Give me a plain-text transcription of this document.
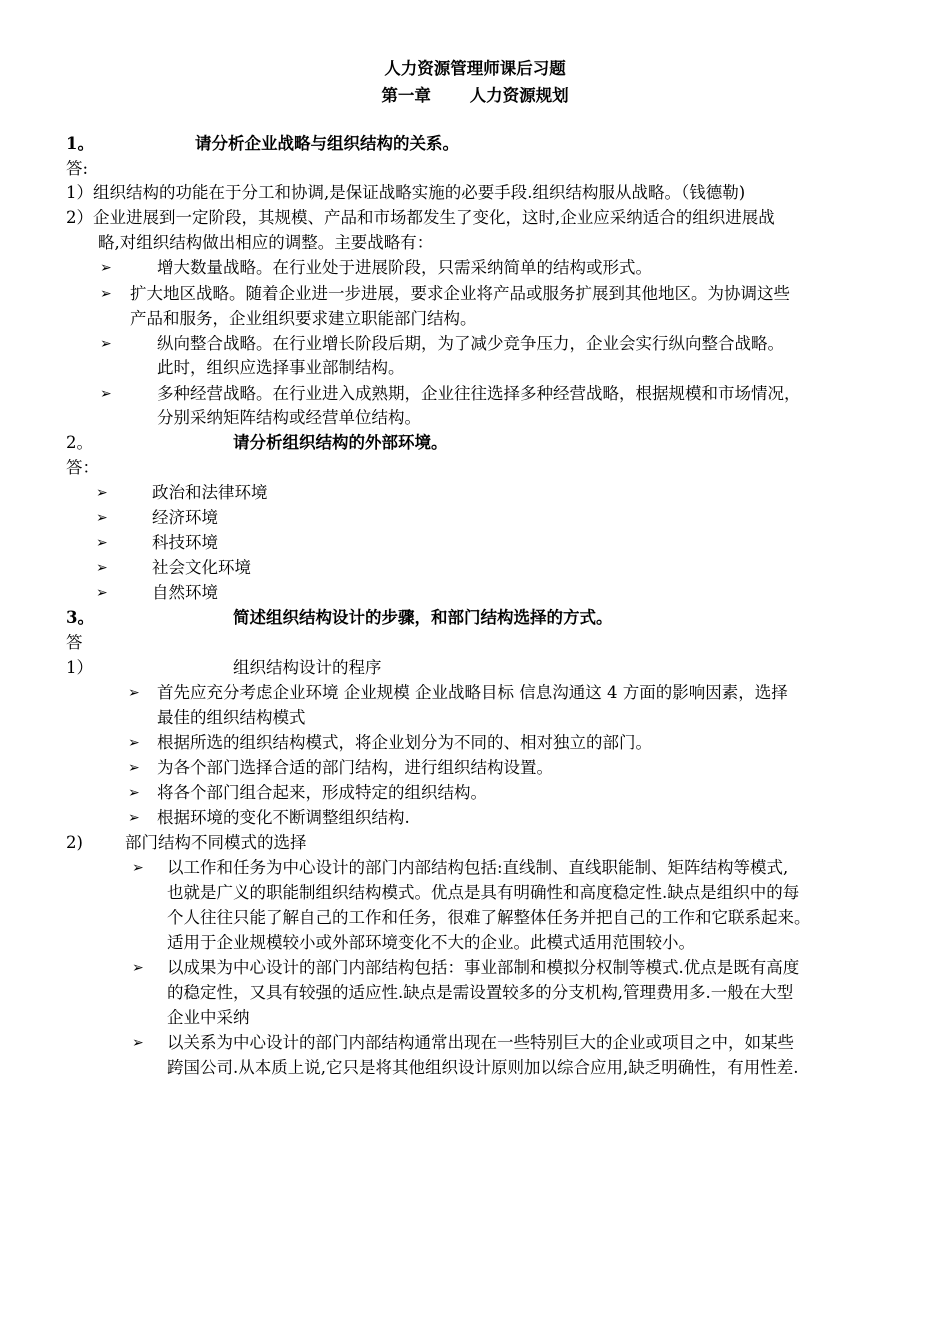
人力资源管理师课后习题
第一章　　 人力资源规划
1。	请分析企业战略与组织结构的关系。
答:
1）组织结构的功能在于分工和协调,是保证战略实施的必要手段.组织结构服从战略。（钱德勒)
2）企业进展到一定阶段，其规模、产品和市场都发生了变化，这时,企业应采纳适合的组织进展战
略,对组织结构做出相应的调整。主要战略有：
➢	增大数量战略。在行业处于进展阶段，只需采纳简单的结构或形式。
➢ 扩大地区战略。随着企业进一步进展，要求企业将产品或服务扩展到其他地区。为协调这些
产品和服务，企业组织要求建立职能部门结构。
➢	纵向整合战略。在行业增长阶段后期，为了减少竞争压力，企业会实行纵向整合战略。
此时，组织应选择事业部制结构。
➢	多种经营战略。在行业进入成熟期，企业往往选择多种经营战略，根据规模和市场情况，
分别采纳矩阵结构或经营单位结构。
2。	请分析组织结构的外部环境。
答：
➢	政治和法律环境
➢	经济环境
➢	科技环境
➢	社会文化环境
➢	自然环境
3。	简述组织结构设计的步骤，和部门结构选择的方式。
答
1）	组织结构设计的程序
➢ 首先应充分考虑企业环境 企业规模 企业战略目标 信息沟通这 4 方面的影响因素，选择
最佳的组织结构模式
➢ 根据所选的组织结构模式，将企业划分为不同的、相对独立的部门。
➢ 为各个部门选择合适的部门结构，进行组织结构设置。
➢ 将各个部门组合起来，形成特定的组织结构。
➢ 根据环境的变化不断调整组织结构.
2)	部门结构不同模式的选择
➢ 以工作和任务为中心设计的部门内部结构包括:直线制、直线职能制、矩阵结构等模式,
也就是广义的职能制组织结构模式。优点是具有明确性和高度稳定性.缺点是组织中的每
个人往往只能了解自己的工作和任务，很难了解整体任务并把自己的工作和它联系起来。
适用于企业规模较小或外部环境变化不大的企业。此模式适用范围较小。
➢ 以成果为中心设计的部门内部结构包括：事业部制和模拟分权制等模式.优点是既有高度
的稳定性，又具有较强的适应性.缺点是需设置较多的分支机构,管理费用多.一般在大型
企业中采纳
➢ 以关系为中心设计的部门内部结构通常出现在一些特别巨大的企业或项目之中，如某些
跨国公司.从本质上说,它只是将其他组织设计原则加以综合应用,缺乏明确性，有用性差.
